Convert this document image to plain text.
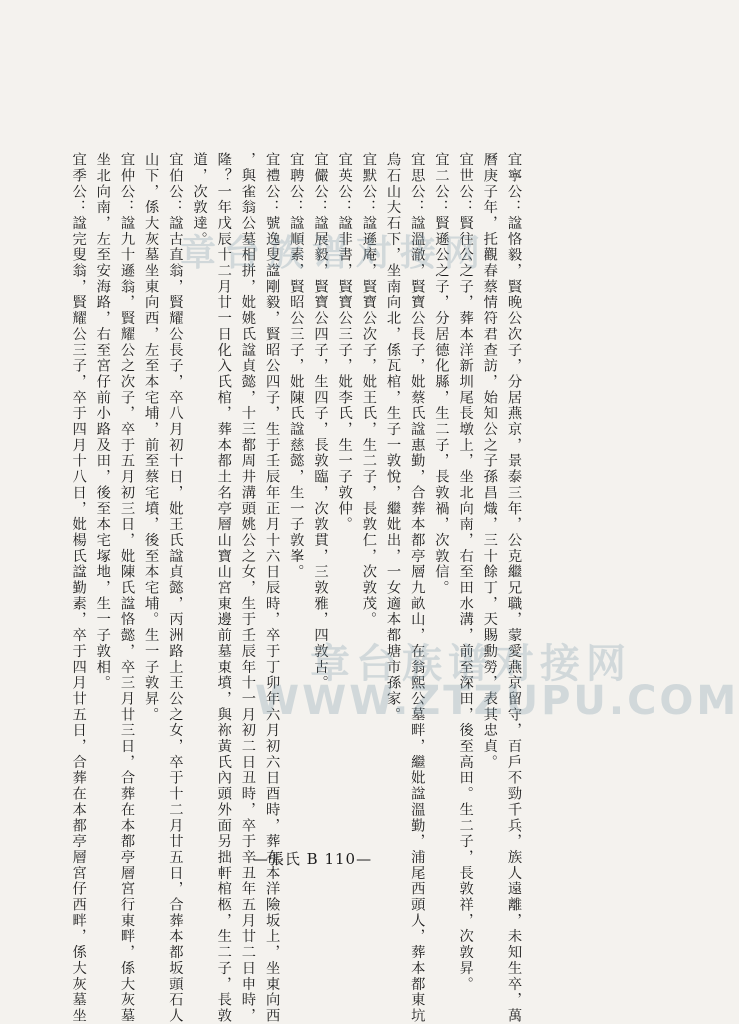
宜寧公：諡恪毅，賢晚公次子，分居燕京，景泰三年，公克繼兄職，蒙愛燕京留守，百戶不勁千兵，族人遠離，未知生卒，萬
曆庚子年，托觀春蔡情符君查訪，始知公之子孫昌熾，三十餘丁，天賜勳勞，表其忠貞。
宜世公：賢往公之子，葬本洋新圳尾長墩上，坐北向南，右至田水溝，前至深田，後至高田。生二子，長敦祥，次敦昇。
宜二公：賢遜公之子，分居德化縣，生二子，長敦禍，次敦信。
宜思公：諡溫澈，賢寶公長子，妣蔡氏諡惠勤，合葬本都亭層九畝山，在翁熙公墓畔，繼妣諡溫勤，浦尾西頭人，葬本都東坑
烏石山大石下，坐南向北，係瓦棺，生子一敦悅，繼妣出，一女適本都塘市孫家。
宜默公：諡遜庵，賢寶公次子，妣王氏，生二子，長敦仁，次敦茂。
宜英公：諡非書，賢寶公三子，妣李氏，生一子敦仲。
宜儼公：諡展毅，賢寶公四子，生四子，長敦臨，次敦貫，三敦雅，四敦古。
宜聘公：諡順素，賢昭公三子，妣陳氏諡慈懿，生一子敦峯。
宜禮公：號逸叟諡剛毅，賢昭公四子，生于壬辰年正月十六日辰時，卒于丁卯年六月初六日酉時，葬在本洋險坂上，坐東向西
，與雀翁公墓相拼，妣姚氏諡貞懿，十三都周井溝頭姚公之女，生于壬辰年十一月初二日丑時，卒于辛丑年五月廿二日申時，
隆？一年戊辰十二月廿一日化入氏棺，葬本都土名亭層山寶山宮東邊前墓東墳，與祢黃氏內頭外面另拙軒棺柩，生二子，長敦
道，次敦達。
宜伯公：諡古直翁，賢耀公長子，卒八月初十日，妣王氏諡貞懿，丙洲路上王公之女，卒于十二月廿五日，合葬本都坂頭石人
山下，係大灰墓坐東向西，左至本宅埔，前至蔡宅墳，後至本宅埔。生一子敦昇。
宜仲公：諡九十遜翁，賢耀公之次子，卒于五月初三日，妣陳氏諡恪懿，卒三月廿三日，合葬在本都亭層宮行東畔，係大灰墓
坐北向南，左至安海路，右至宮仔前小路及田，後至本宅塚地，生一子敦相。
宜季公：諡完叟翁，賢耀公三子，卒于四月十八日，妣楊氏諡勤素，卒于四月廿五日，合葬在本都亭層宮仔西畔，係大灰墓坐	章台族谱对接网
章台族谱对接网
WWW.ZTZUPU.COM
—張氏 B 110—
